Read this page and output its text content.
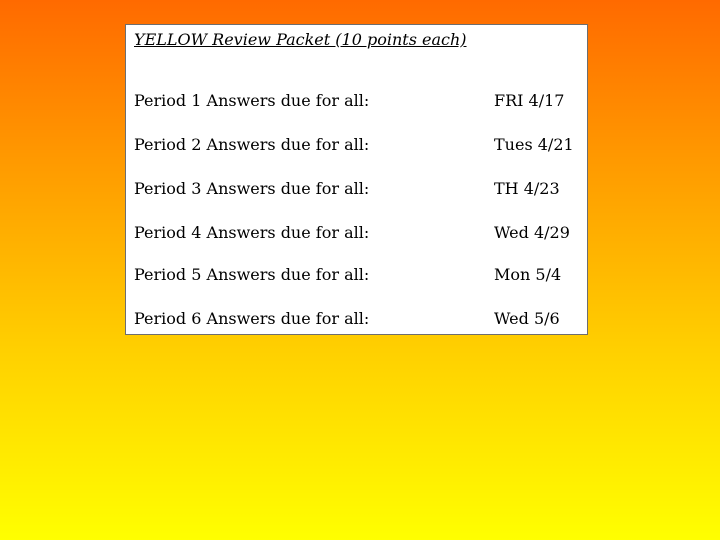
YELLOW Review Packet (10 points each)
Period 1 Answers due for all:	FRI 4/17
Period 2 Answers due for all:	Tues 4/21
Period 3 Answers due for all:	TH 4/23
Period 4 Answers due for all:	Wed 4/29
Period 5 Answers due for all:	Mon 5/4
Period 6 Answers due for all:	Wed 5/6
